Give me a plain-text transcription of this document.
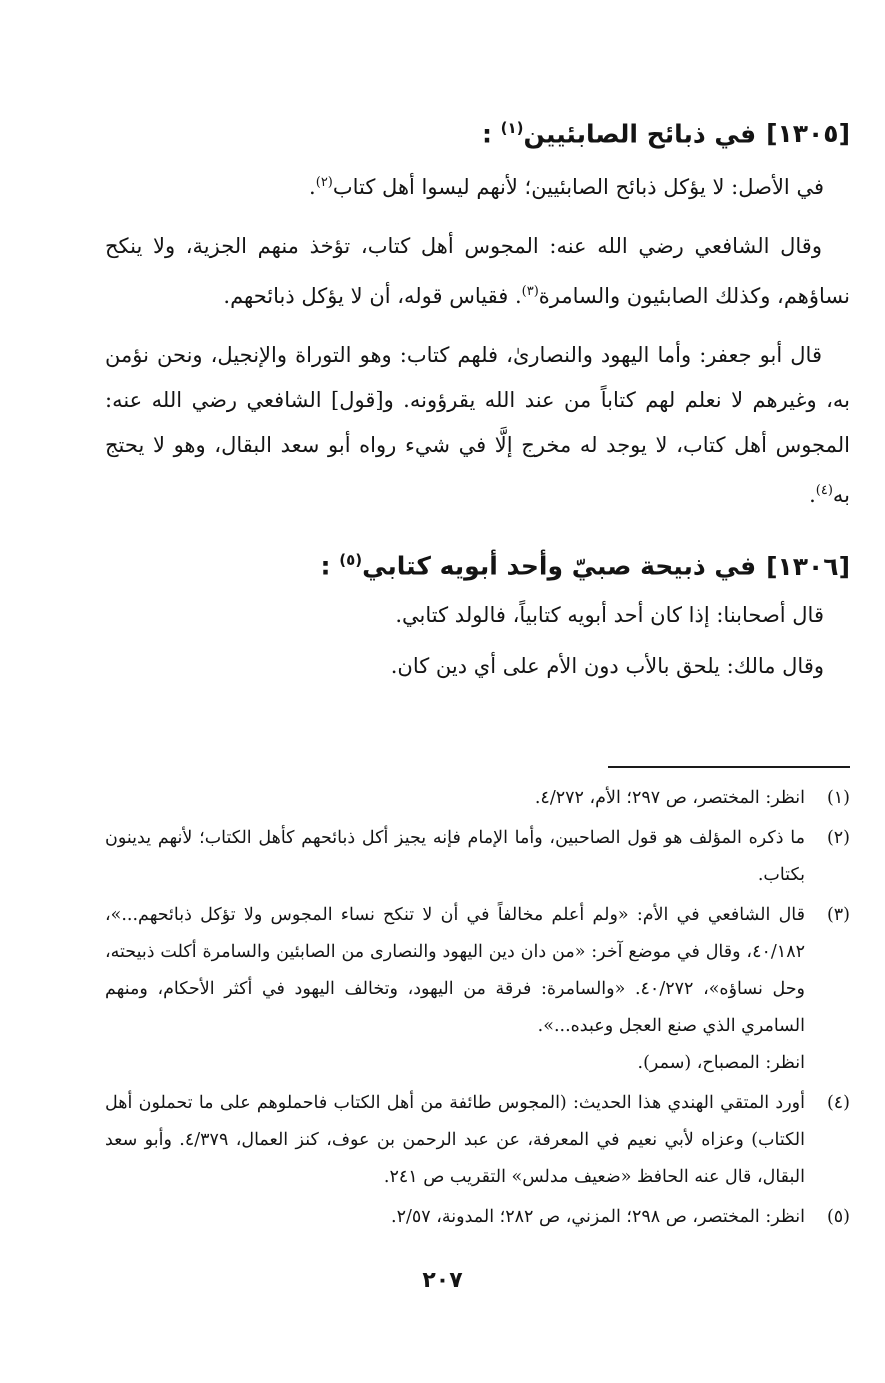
[١٣٠٥]في ذبائح الصابئيين$^{(١)}$ :

في الأصل: لا يؤكل ذبائح الصابئيين؛ لأنهم ليسوا أهل كتاب$^{(٢)}$.

وقال الشافعي رضي الله عنه: المجوس أهل كتاب، تؤخذ منهم الجزية، ولا ينكح نساؤهم، وكذلك الصابئيون والسامرة$^{(٣)}$. فقياس قوله، أن لا يؤكل ذبائحهم.

قال أبو جعفر: وأما اليهود والنصارىٰ، فلهم كتاب: وهو التوراة والإنجيل، ونحن نؤمن به، وغيرهم لا نعلم لهم كتاباً من عند الله يقرؤونه. و[قول] الشافعي رضي الله عنه: المجوس أهل كتاب، لا يوجد له مخرج إلَّا في شيء رواه أبو سعد البقال، وهو لا يحتج به$^{(٤)}$.

[١٣٠٦]في ذبيحة صبيّ وأحد أبويه كتابي$^{(٥)}$ :

قال أصحابنا: إذا كان أحد أبويه كتابياً، فالولد كتابي.

وقال مالك: يلحق بالأب دون الأم على أي دين كان.

(١)
انظر: المختصر، ص ٢٩٧؛ الأم، ٤/٢٧٢.

(٢)
ما ذكره المؤلف هو قول الصاحبين، وأما الإمام فإنه يجيز أكل ذبائحهم كأهل الكتاب؛ لأنهم يدينون بكتاب.

(٣)
قال الشافعي في الأم: «ولم أعلم مخالفاً في أن لا تنكح نساء المجوس ولا تؤكل ذبائحهم...»، ٤٠/١٨٢، وقال في موضع آخر: «من دان دين اليهود والنصارى من الصابئين والسامرة أكلت ذبيحته، وحل نساؤه»، ٤٠/٢٧٢. «والسامرة: فرقة من اليهود، وتخالف اليهود في أكثر الأحكام، ومنهم السامري الذي صنع العجل وعبده...».
انظر: المصباح، (سمر).

(٤)
أورد المتقي الهندي هذا الحديث: (المجوس طائفة من أهل الكتاب فاحملوهم على ما تحملون أهل الكتاب) وعزاه لأبي نعيم في المعرفة، عن عبد الرحمن بن عوف، كنز العمال، ٤/٣٧٩. وأبو سعد البقال، قال عنه الحافظ «ضعيف مدلس» التقريب ص ٢٤١.

(٥)
انظر: المختصر، ص ٢٩٨؛ المزني، ص ٢٨٢؛ المدونة، ٢/٥٧.

٢٠٧
